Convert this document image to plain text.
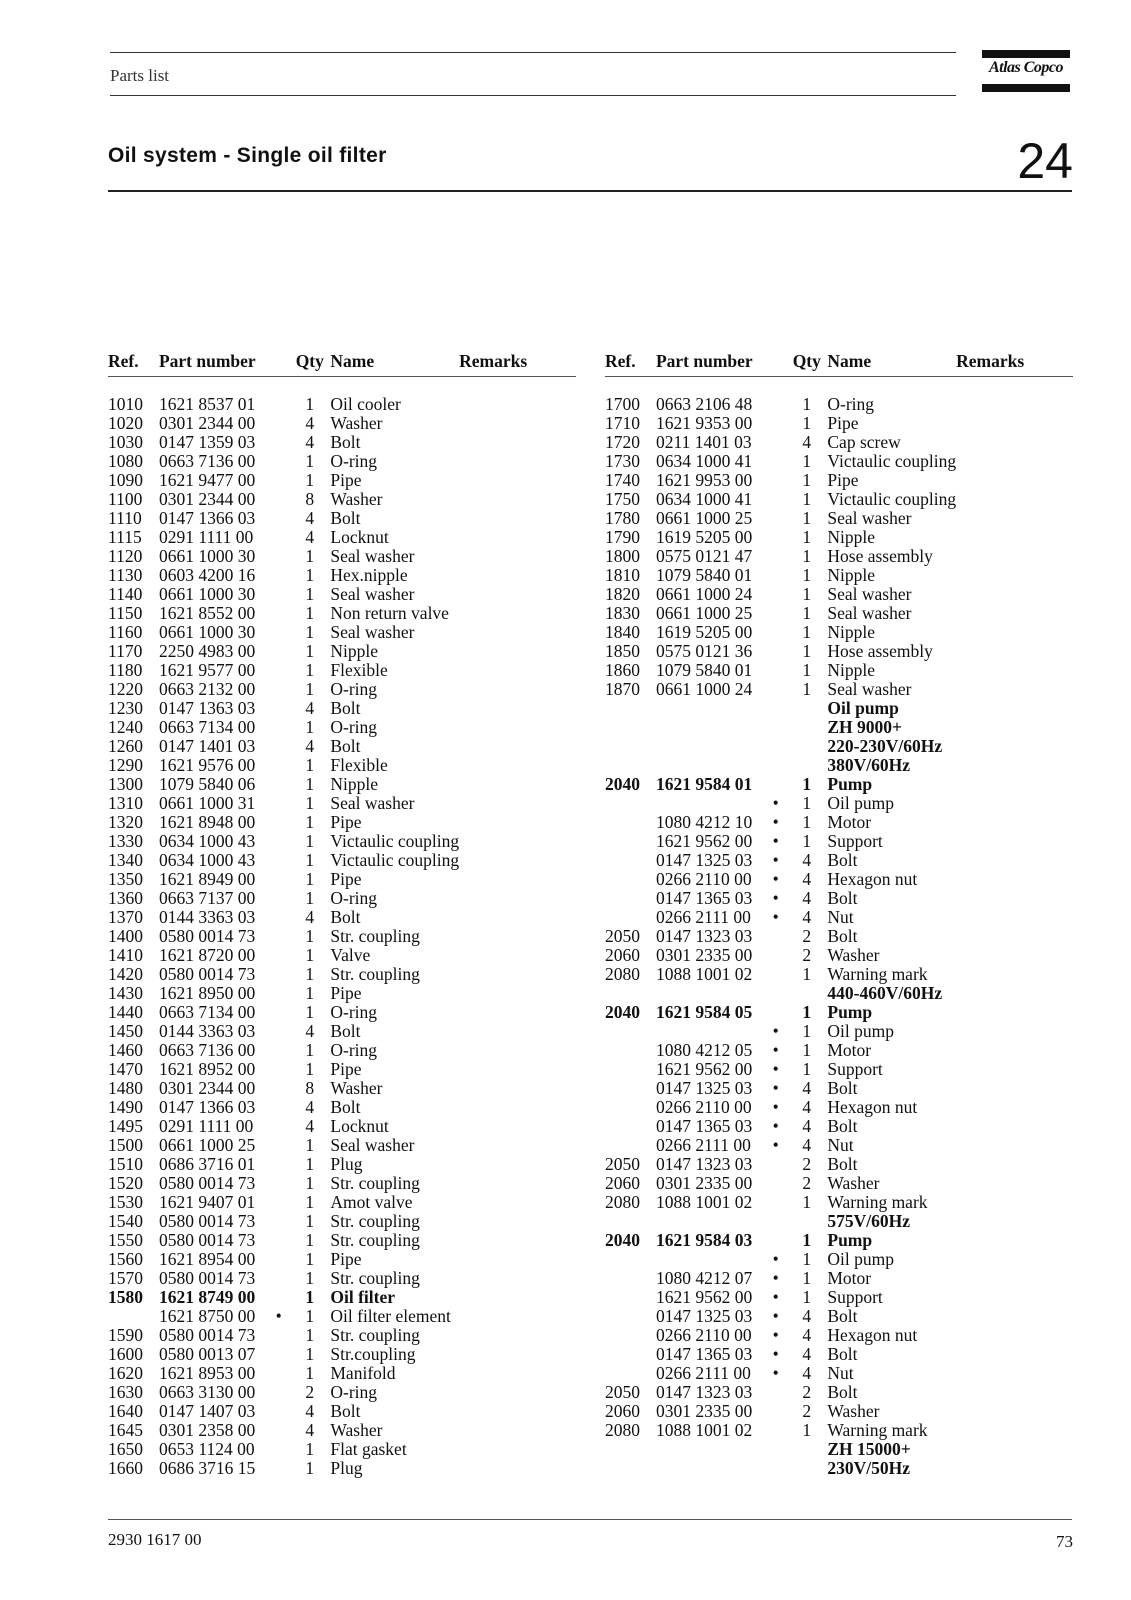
Parts list	Atlas Copco
Oil system - Single oil filter	24
Ref.	Part number		Qty	Name	Remarks

1010	1621 8537 01		1	Oil cooler	
1020	0301 2344 00		4	Washer	
1030	0147 1359 03		4	Bolt	
1080	0663 7136 00		1	O-ring	
1090	1621 9477 00		1	Pipe	
1100	0301 2344 00		8	Washer	
1110	0147 1366 03		4	Bolt	
1115	0291 1111 00		4	Locknut	
1120	0661 1000 30		1	Seal washer	
1130	0603 4200 16		1	Hex.nipple	
1140	0661 1000 30		1	Seal washer	
1150	1621 8552 00		1	Non return valve	
1160	0661 1000 30		1	Seal washer	
1170	2250 4983 00		1	Nipple	
1180	1621 9577 00		1	Flexible	
1220	0663 2132 00		1	O-ring	
1230	0147 1363 03		4	Bolt	
1240	0663 7134 00		1	O-ring	
1260	0147 1401 03		4	Bolt	
1290	1621 9576 00		1	Flexible	
1300	1079 5840 06		1	Nipple	
1310	0661 1000 31		1	Seal washer	
1320	1621 8948 00		1	Pipe	
1330	0634 1000 43		1	Victaulic coupling	
1340	0634 1000 43		1	Victaulic coupling	
1350	1621 8949 00		1	Pipe	
1360	0663 7137 00		1	O-ring	
1370	0144 3363 03		4	Bolt	
1400	0580 0014 73		1	Str. coupling	
1410	1621 8720 00		1	Valve	
1420	0580 0014 73		1	Str. coupling	
1430	1621 8950 00		1	Pipe	
1440	0663 7134 00		1	O-ring	
1450	0144 3363 03		4	Bolt	
1460	0663 7136 00		1	O-ring	
1470	1621 8952 00		1	Pipe	
1480	0301 2344 00		8	Washer	
1490	0147 1366 03		4	Bolt	
1495	0291 1111 00		4	Locknut	
1500	0661 1000 25		1	Seal washer	
1510	0686 3716 01		1	Plug	
1520	0580 0014 73		1	Str. coupling	
1530	1621 9407 01		1	Amot valve	
1540	0580 0014 73		1	Str. coupling	
1550	0580 0014 73		1	Str. coupling	
1560	1621 8954 00		1	Pipe	
1570	0580 0014 73		1	Str. coupling	
1580	1621 8749 00		1	Oil filter	
	1621 8750 00	•	1	Oil filter element	
1590	0580 0014 73		1	Str. coupling	
1600	0580 0013 07		1	Str.coupling	
1620	1621 8953 00		1	Manifold	
1630	0663 3130 00		2	O-ring	
1640	0147 1407 03		4	Bolt	
1645	0301 2358 00		4	Washer	
1650	0653 1124 00		1	Flat gasket	
1660	0686 3716 15		1	Plug	
Ref.	Part number		Qty	Name	Remarks

1700	0663 2106 48		1	O-ring	
1710	1621 9353 00		1	Pipe	
1720	0211 1401 03		4	Cap screw	
1730	0634 1000 41		1	Victaulic coupling	
1740	1621 9953 00		1	Pipe	
1750	0634 1000 41		1	Victaulic coupling	
1780	0661 1000 25		1	Seal washer	
1790	1619 5205 00		1	Nipple	
1800	0575 0121 47		1	Hose assembly	
1810	1079 5840 01		1	Nipple	
1820	0661 1000 24		1	Seal washer	
1830	0661 1000 25		1	Seal washer	
1840	1619 5205 00		1	Nipple	
1850	0575 0121 36		1	Hose assembly	
1860	1079 5840 01		1	Nipple	
1870	0661 1000 24		1	Seal washer	
				Oil pump	
				ZH 9000+	
				220-230V/60Hz	
				380V/60Hz	
2040	1621 9584 01		1	Pump	
		•	1	Oil pump	
	1080 4212 10	•	1	Motor	
	1621 9562 00	•	1	Support	
	0147 1325 03	•	4	Bolt	
	0266 2110 00	•	4	Hexagon nut	
	0147 1365 03	•	4	Bolt	
	0266 2111 00	•	4	Nut	
2050	0147 1323 03		2	Bolt	
2060	0301 2335 00		2	Washer	
2080	1088 1001 02		1	Warning mark	
				440-460V/60Hz	
2040	1621 9584 05		1	Pump	
		•	1	Oil pump	
	1080 4212 05	•	1	Motor	
	1621 9562 00	•	1	Support	
	0147 1325 03	•	4	Bolt	
	0266 2110 00	•	4	Hexagon nut	
	0147 1365 03	•	4	Bolt	
	0266 2111 00	•	4	Nut	
2050	0147 1323 03		2	Bolt	
2060	0301 2335 00		2	Washer	
2080	1088 1001 02		1	Warning mark	
				575V/60Hz	
2040	1621 9584 03		1	Pump	
		•	1	Oil pump	
	1080 4212 07	•	1	Motor	
	1621 9562 00	•	1	Support	
	0147 1325 03	•	4	Bolt	
	0266 2110 00	•	4	Hexagon nut	
	0147 1365 03	•	4	Bolt	
	0266 2111 00	•	4	Nut	
2050	0147 1323 03		2	Bolt	
2060	0301 2335 00		2	Washer	
2080	1088 1001 02		1	Warning mark	
				ZH 15000+	
				230V/50Hz	
2930 1617 00	73
